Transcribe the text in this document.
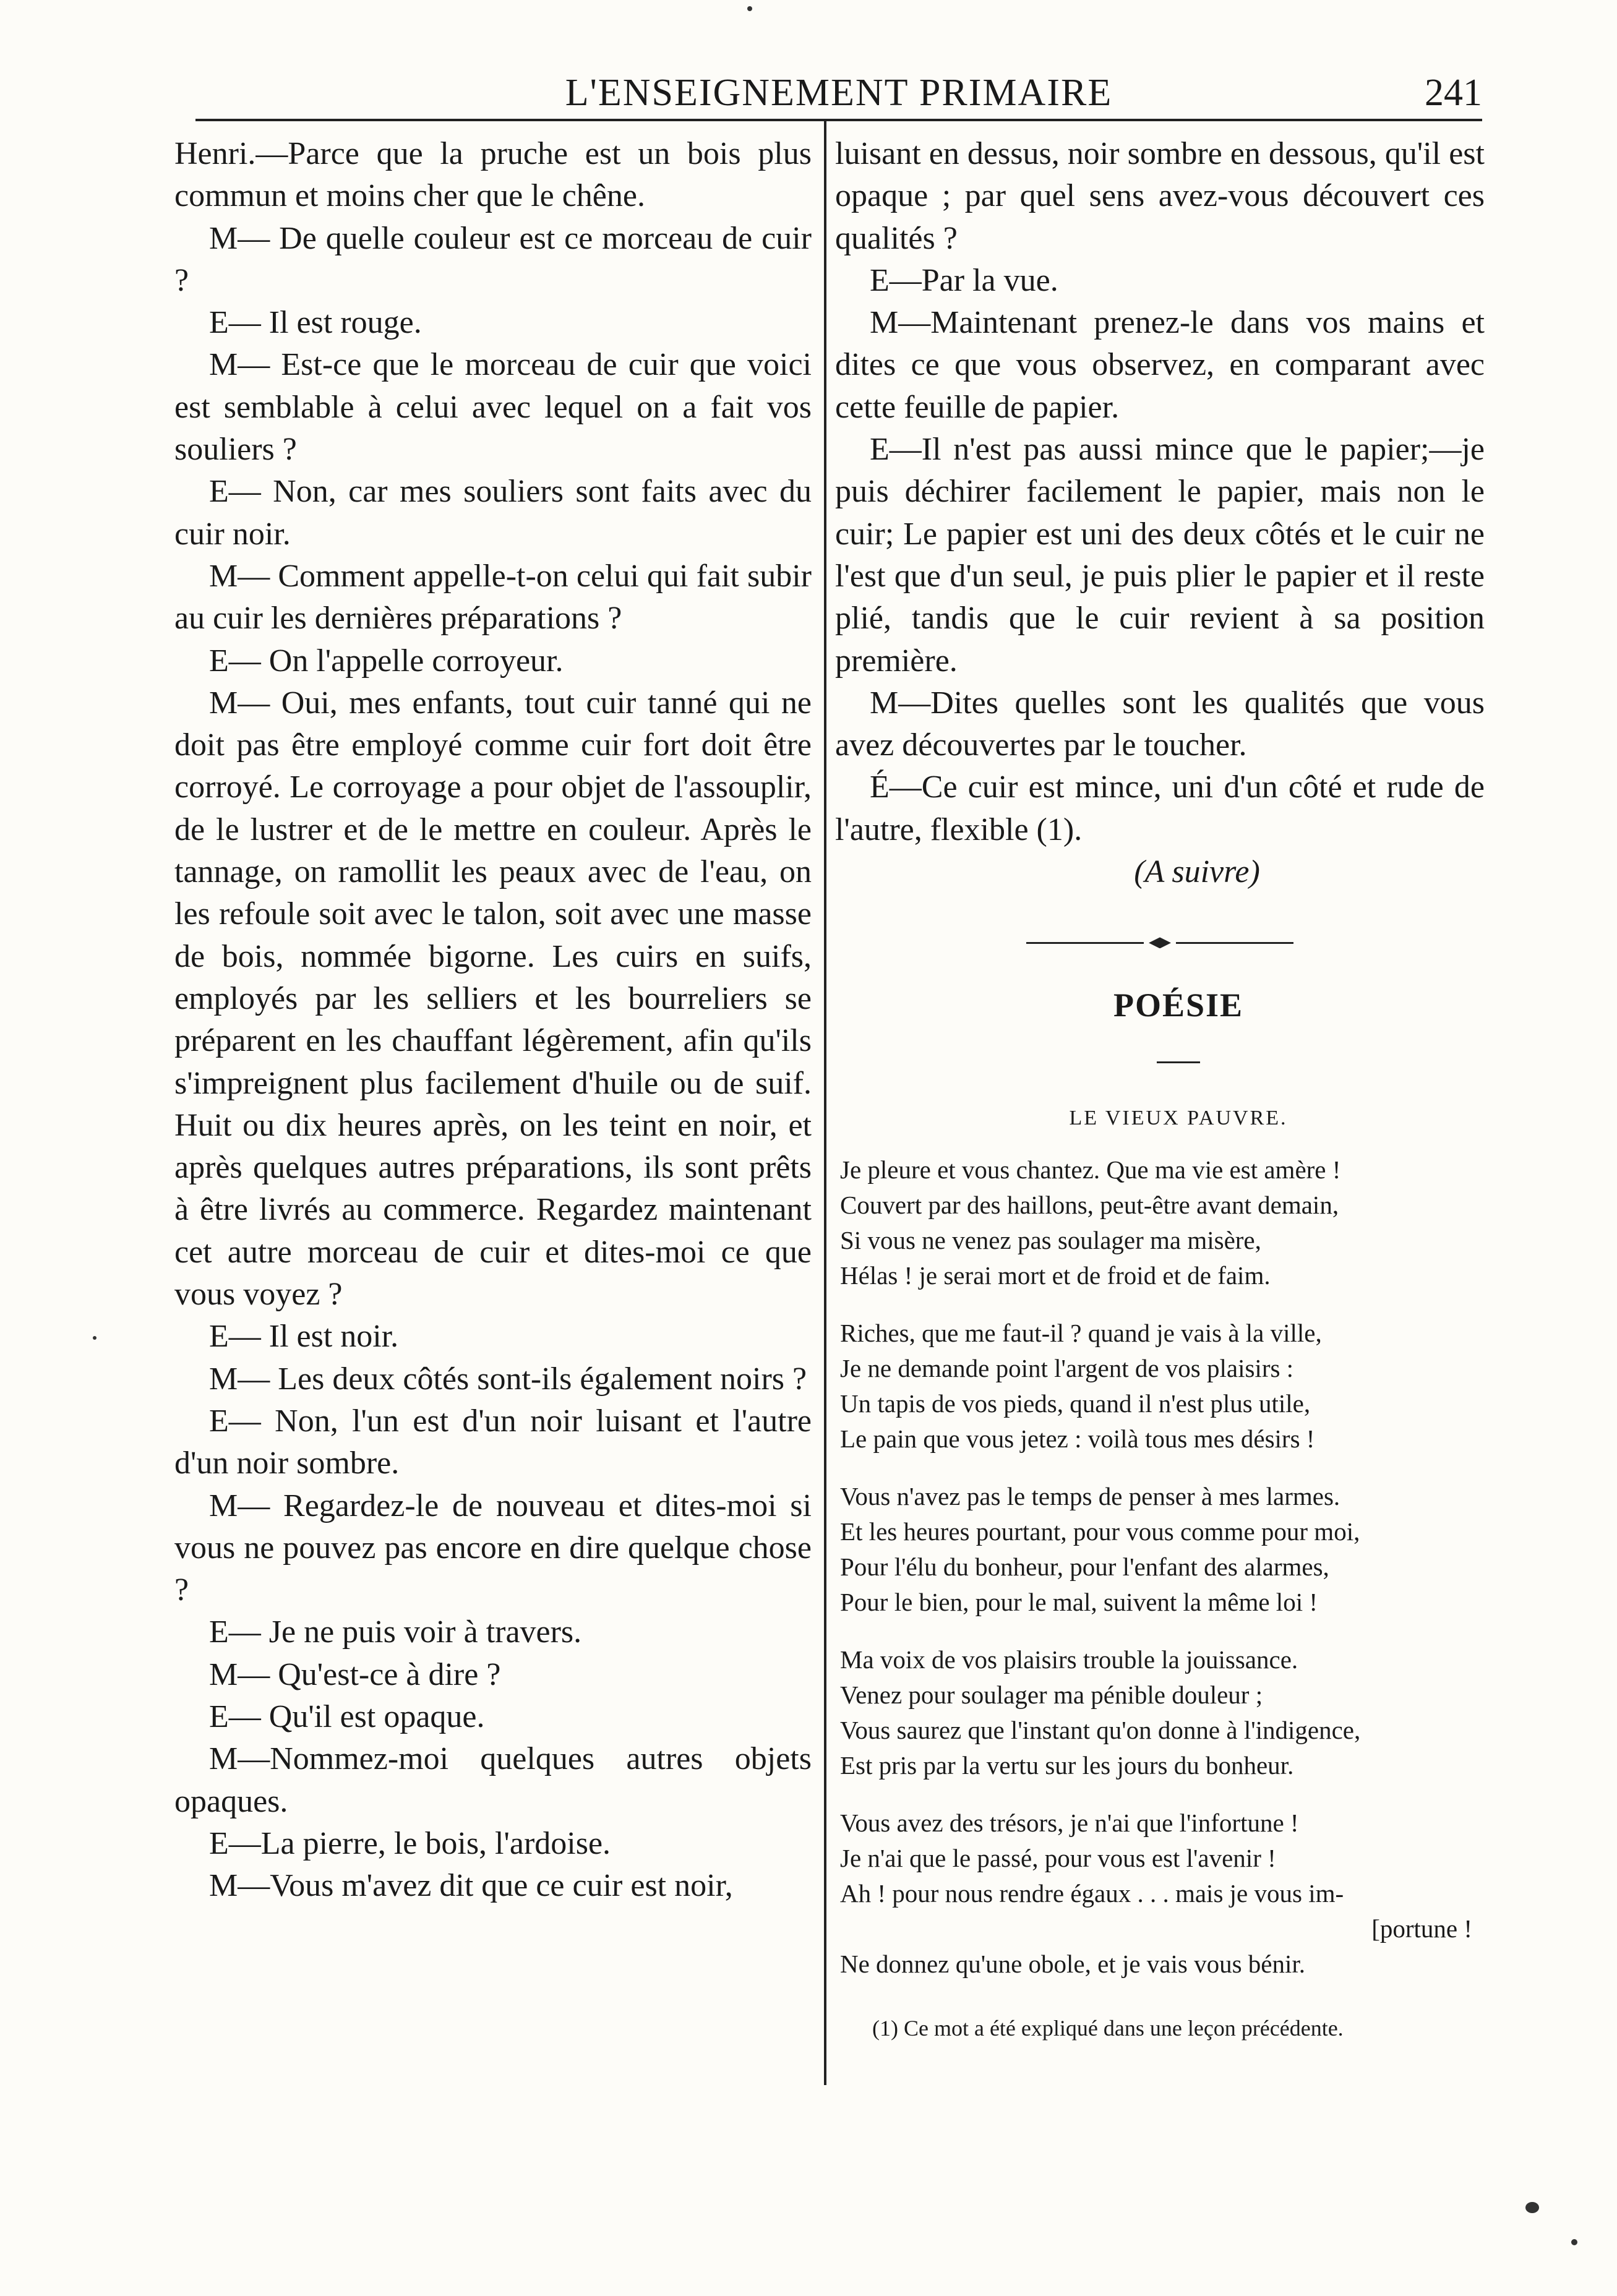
L'ENSEIGNEMENT PRIMAIRE	241

Henri.—Parce que la pruche est un bois plus commun et moins cher que le chêne.

M— De quelle couleur est ce morceau de cuir ?

E— Il est rouge.

M— Est-ce que le morceau de cuir que voici est semblable à celui avec lequel on a fait vos souliers ?

E— Non, car mes souliers sont faits avec du cuir noir.

M— Comment appelle-t-on celui qui fait subir au cuir les dernières préparations ?

E— On l'appelle corroyeur.

M— Oui, mes enfants, tout cuir tanné qui ne doit pas être employé comme cuir fort doit être corroyé. Le corroyage a pour objet de l'assouplir, de le lustrer et de le mettre en couleur. Après le tannage, on ramollit les peaux avec de l'eau, on les refoule soit avec le talon, soit avec une masse de bois, nommée bigorne. Les cuirs en suifs, employés par les selliers et les bourreliers se préparent en les chauffant légèrement, afin qu'ils s'impreignent plus facilement d'huile ou de suif. Huit ou dix heures après, on les teint en noir, et après quelques autres préparations, ils sont prêts à être livrés au commerce. Regardez maintenant cet autre morceau de cuir et dites-moi ce que vous voyez ?

E— Il est noir.

M— Les deux côtés sont-ils également noirs ?

E— Non, l'un est d'un noir luisant et l'autre d'un noir sombre.

M— Regardez-le de nouveau et dites-moi si vous ne pouvez pas encore en dire quelque chose ?

E— Je ne puis voir à travers.

M— Qu'est-ce à dire ?

E— Qu'il est opaque.

M—Nommez-moi quelques autres objets opaques.

E—La pierre, le bois, l'ardoise.

M—Vous m'avez dit que ce cuir est noir,

luisant en dessus, noir sombre en dessous, qu'il est opaque ; par quel sens avez-vous découvert ces qualités ?

E—Par la vue.

M—Maintenant prenez-le dans vos mains et dites ce que vous observez, en comparant avec cette feuille de papier.

E—Il n'est pas aussi mince que le papier;—je puis déchirer facilement le papier, mais non le cuir; Le papier est uni des deux côtés et le cuir ne l'est que d'un seul, je puis plier le papier et il reste plié, tandis que le cuir revient à sa position première.

M—Dites quelles sont les qualités que vous avez découvertes par le toucher.

É—Ce cuir est mince, uni d'un côté et rude de l'autre, flexible (1).

(A suivre)

POÉSIE
LE VIEUX PAUVRE.
Je pleure et vous chantez. Que ma vie est amère !
Couvert par des haillons, peut-être avant demain,
Si vous ne venez pas soulager ma misère,
Hélas ! je serai mort et de froid et de faim.
Riches, que me faut-il ? quand je vais à la ville,
Je ne demande point l'argent de vos plaisirs :
Un tapis de vos pieds, quand il n'est plus utile,
Le pain que vous jetez : voilà tous mes désirs !
Vous n'avez pas le temps de penser à mes larmes.
Et les heures pourtant, pour vous comme pour moi,
Pour l'élu du bonheur, pour l'enfant des alarmes,
Pour le bien, pour le mal, suivent la même loi !
Ma voix de vos plaisirs trouble la jouissance.
Venez pour soulager ma pénible douleur ;
Vous saurez que l'instant qu'on donne à l'indigence,
Est pris par la vertu sur les jours du bonheur.
Vous avez des trésors, je n'ai que l'infortune !
Je n'ai que le passé, pour vous est l'avenir !
Ah ! pour nous rendre égaux . . . mais je vous im-
[portune !
Ne donnez qu'une obole, et je vais vous bénir.
(1) Ce mot a été expliqué dans une leçon précédente.
